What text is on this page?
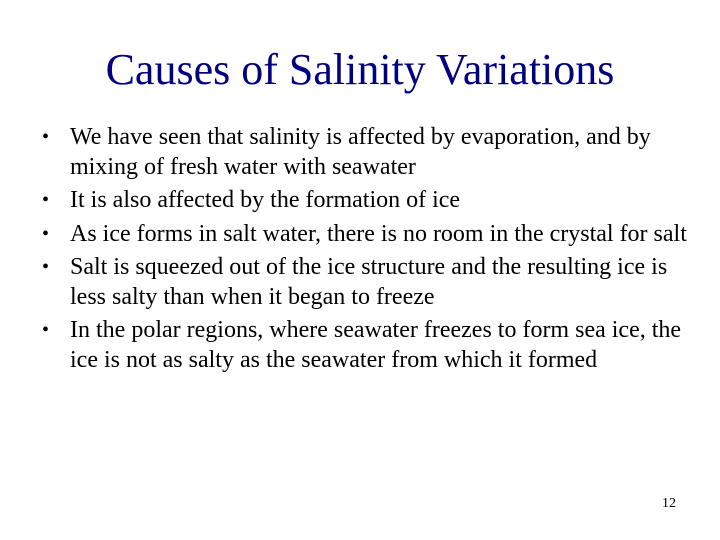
Causes of Salinity Variations
• We have seen that salinity is affected by evaporation, and by mixing of fresh water with seawater
• It is also affected by the formation of ice
• As ice forms in salt water, there is no room in the crystal for salt
• Salt is squeezed out of the ice structure and the resulting ice is less salty than when it began to freeze
• In the polar regions, where seawater freezes to form sea ice, the ice is not as salty as the seawater from which it formed
12
